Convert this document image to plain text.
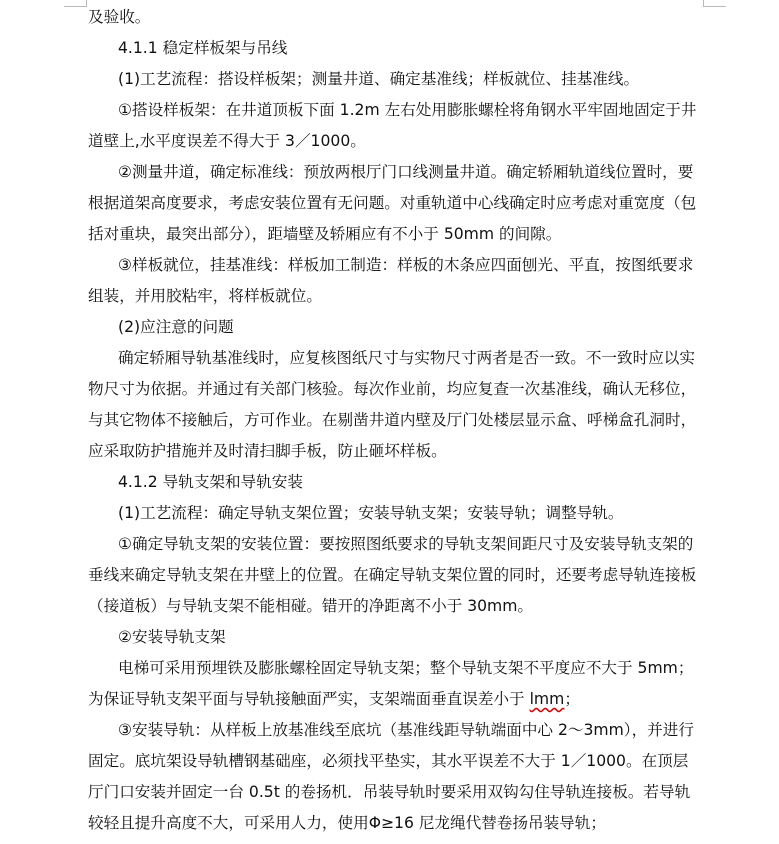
及验收。
4.1.1 稳定样板架与吊线
(1)工艺流程：搭设样板架；测量井道、确定基准线；样板就位、挂基准线。
①搭设样板架：在井道顶板下面 1.2m 左右处用膨胀螺栓将角钢水平牢固地固定于井
道壁上,水平度误差不得大于 3／1000。
②测量井道，确定标准线：预放两根厅门口线测量井道。确定轿厢轨道线位置时，要
根据道架高度要求，考虑安装位置有无问题。对重轨道中心线确定时应考虑对重宽度（包
括对重块，最突出部分），距墙壁及轿厢应有不小于 50mm 的间隙。
③样板就位，挂基准线：样板加工制造：样板的木条应四面刨光、平直，按图纸要求
组装，并用胶粘牢，将样板就位。
(2)应注意的问题
确定轿厢导轨基准线时，应复核图纸尺寸与实物尺寸两者是否一致。不一致时应以实
物尺寸为依据。并通过有关部门核验。每次作业前，均应复查一次基准线，确认无移位，
与其它物体不接触后，方可作业。在剔凿井道内壁及厅门处楼层显示盒、呼梯盒孔洞时，
应采取防护措施并及时清扫脚手板，防止砸坏样板。
4.1.2 导轨支架和导轨安装
(1)工艺流程：确定导轨支架位置；安装导轨支架；安装导轨；调整导轨。
①确定导轨支架的安装位置：要按照图纸要求的导轨支架间距尺寸及安装导轨支架的
垂线来确定导轨支架在井壁上的位置。在确定导轨支架位置的同时，还要考虑导轨连接板
（接道板）与导轨支架不能相碰。错开的净距离不小于 30mm。
②安装导轨支架
电梯可采用预埋铁及膨胀螺栓固定导轨支架；整个导轨支架不平度应不大于 5mm；
为保证导轨支架平面与导轨接触面严实，支架端面垂直误差小于 lmm；
③安装导轨：从样板上放基准线至底坑（基准线距导轨端面中心 2～3mm），并进行
固定。底坑架设导轨槽钢基础座，必须找平垫实，其水平误差不大于 1／1000。在顶层
厅门口安装并固定一台 0.5t 的卷扬机．吊装导轨时要采用双钩勾住导轨连接板。若导轨
较轻且提升高度不大，可采用人力，使用Φ≥16 尼龙绳代替卷扬吊装导轨；
